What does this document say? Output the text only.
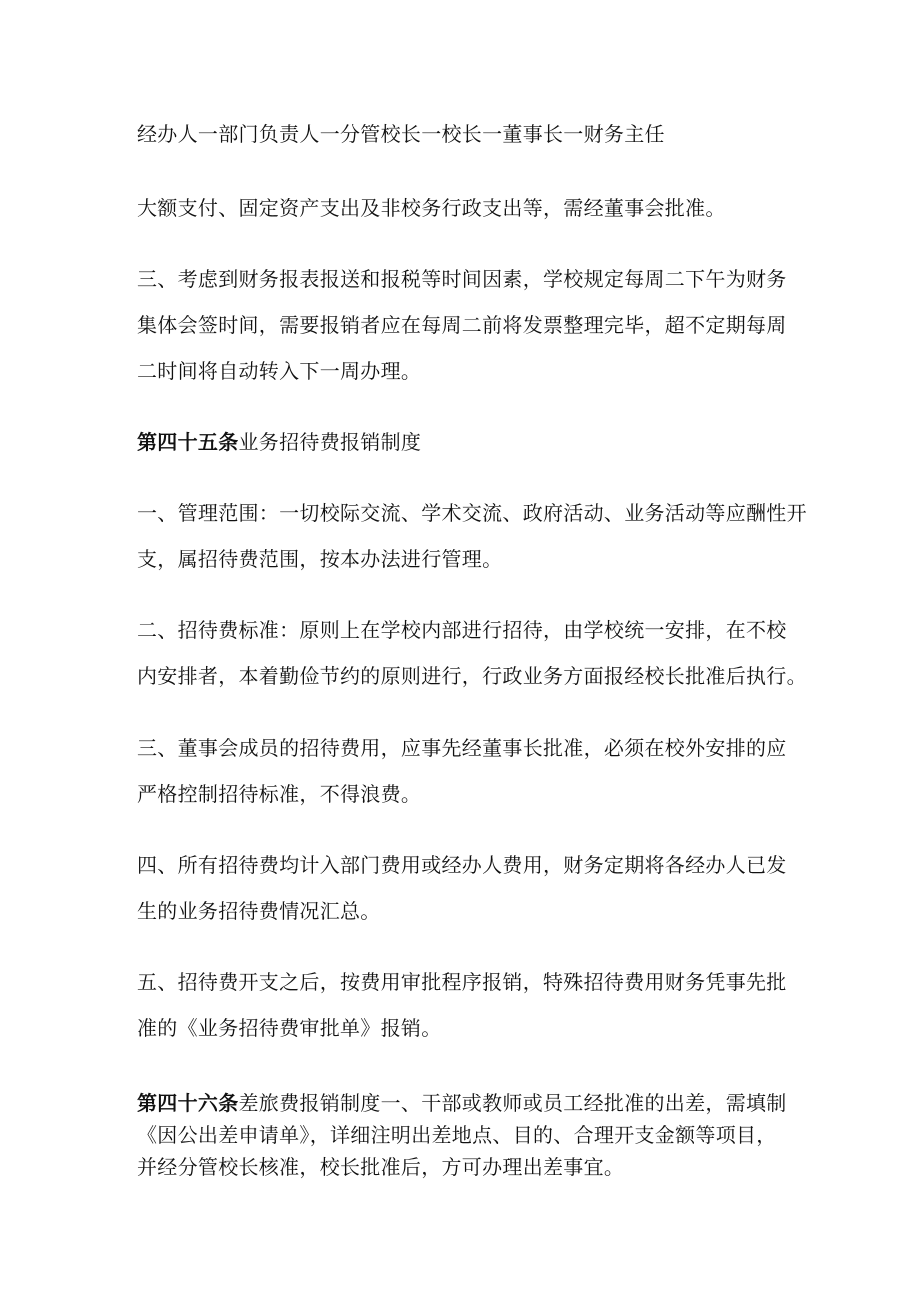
经办人一部门负责人一分管校长一校长一董事长一财务主任
大额支付、固定资产支出及非校务行政支出等，需经董事会批准。
三、考虑到财务报表报送和报税等时间因素，学校规定每周二下午为财务
集体会签时间，需要报销者应在每周二前将发票整理完毕，超不定期每周
二时间将自动转入下一周办理。
第四十五条业务招待费报销制度
一、管理范围：一切校际交流、学术交流、政府活动、业务活动等应酬性开
支，属招待费范围，按本办法进行管理。
二、招待费标准：原则上在学校内部进行招待，由学校统一安排，在不校
内安排者，本着勤俭节约的原则进行，行政业务方面报经校长批准后执行。
三、董事会成员的招待费用，应事先经董事长批准，必须在校外安排的应
严格控制招待标准，不得浪费。
四、所有招待费均计入部门费用或经办人费用，财务定期将各经办人已发
生的业务招待费情况汇总。
五、招待费开支之后，按费用审批程序报销，特殊招待费用财务凭事先批
准的《业务招待费审批单》报销。
第四十六条差旅费报销制度一、干部或教师或员工经批准的出差，需填制
《因公出差申请单》，详细注明出差地点、目的、合理开支金额等项目，
并经分管校长核准，校长批准后，方可办理出差事宜。
